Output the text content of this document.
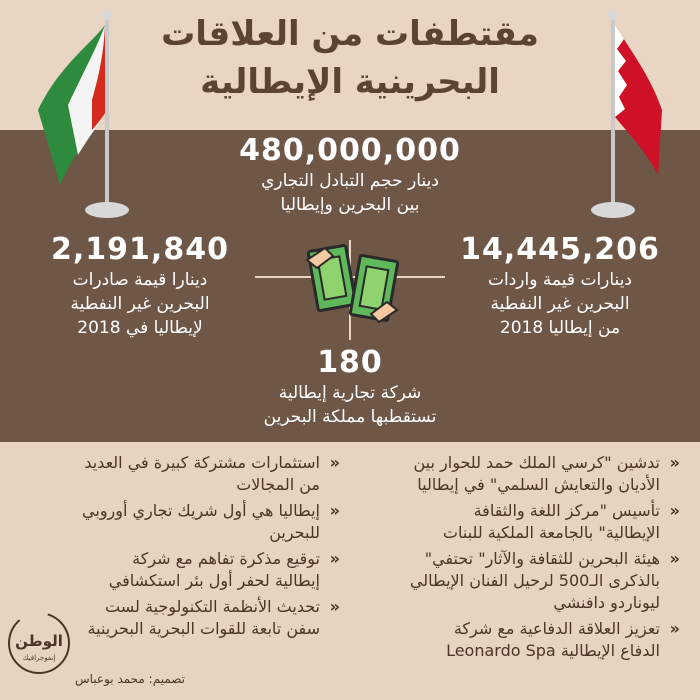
مقتطفات من العلاقات
البحرينية الإيطالية
480,000,000
دينار حجم التبادل التجاري
بين البحرين وإيطاليا
2,191,840
دينارا قيمة صادرات
البحرين غير النفطية
لإيطاليا في 2018
14,445,206
دينارات قيمة واردات
البحرين غير النفطية
من إيطاليا 2018
180
شركة تجارية إيطالية
تستقطبها مملكة البحرين
«
تدشين "كرسي الملك حمد للحوار بين
الأديان والتعايش السلمي" في إيطاليا
«
تأسيس "مركز اللغة والثقافة
الإيطالية" بالجامعة الملكية للبنات
«
هيئة البحرين للثقافة والآثار" تحتفي"
بالذكرى الـ500 لرحيل الفنان الإيطالي
ليوناردو دافنشي
«
تعزيز العلاقة الدفاعية مع شركة
الدفاع الإيطالية Leonardo Spa
«
استثمارات مشتركة كبيرة في العديد
من المجالات
«
إيطاليا هي أول شريك تجاري أوروبي
للبحرين
«
توقيع مذكرة تفاهم مع شركة
إيطالية لحفر أول بئر استكشافي
«
تحديث الأنظمة التكنولوجية لست
سفن تابعة للقوات البحرية البحرينية
الوطن
إنفوجرافيك
تصميم: محمد بوعباس
